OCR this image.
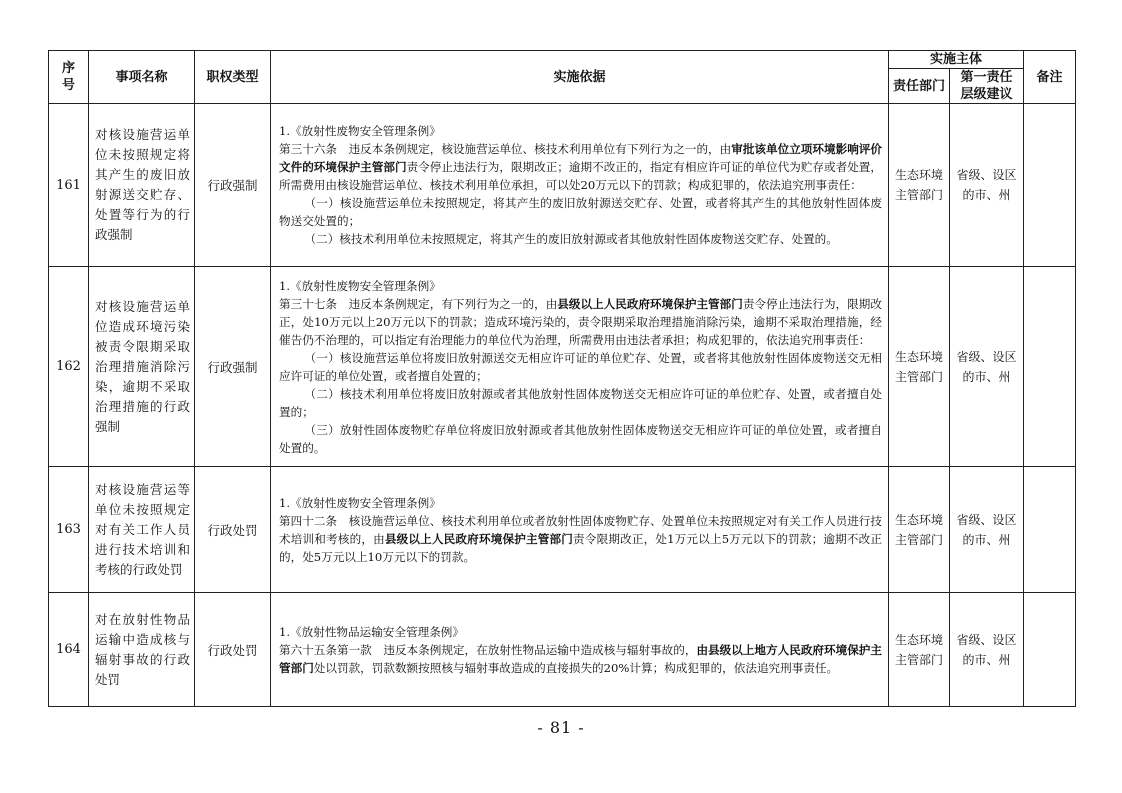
序号	事项名称	职权类型	实施依据	实施主体		备注
				责任部门	第一责任层级建议	
161	对核设施营运单位未按照规定将其产生的废旧放射源送交贮存、处置等行为的行政强制	行政强制	1.《放射性废物安全管理条例》

第三十六条　违反本条例规定，核设施营运单位、核技术利用单位有下列行为之一的，由审批该单位立项环境影响评价文件的环境保护主管部门责令停止违法行为，限期改正；逾期不改正的，指定有相应许可证的单位代为贮存或者处置，所需费用由核设施营运单位、核技术利用单位承担，可以处20万元以下的罚款；构成犯罪的，依法追究刑事责任：

（一）核设施营运单位未按照规定，将其产生的废旧放射源送交贮存、处置，或者将其产生的其他放射性固体废物送交处置的；

（二）核技术利用单位未按照规定，将其产生的废旧放射源或者其他放射性固体废物送交贮存、处置的。	生态环境主管部门	省级、设区的市、州	
162	对核设施营运单位造成环境污染被责令限期采取治理措施消除污染，逾期不采取治理措施的行政强制	行政强制	1.《放射性废物安全管理条例》

第三十七条　违反本条例规定，有下列行为之一的，由县级以上人民政府环境保护主管部门责令停止违法行为，限期改正，处10万元以上20万元以下的罚款；造成环境污染的，责令限期采取治理措施消除污染，逾期不采取治理措施，经催告仍不治理的，可以指定有治理能力的单位代为治理，所需费用由违法者承担；构成犯罪的，依法追究刑事责任：

（一）核设施营运单位将废旧放射源送交无相应许可证的单位贮存、处置，或者将其他放射性固体废物送交无相应许可证的单位处置，或者擅自处置的；

（二）核技术利用单位将废旧放射源或者其他放射性固体废物送交无相应许可证的单位贮存、处置，或者擅自处置的；

（三）放射性固体废物贮存单位将废旧放射源或者其他放射性固体废物送交无相应许可证的单位处置，或者擅自处置的。	生态环境主管部门	省级、设区的市、州	
163	对核设施营运等单位未按照规定对有关工作人员进行技术培训和考核的行政处罚	行政处罚	1.《放射性废物安全管理条例》

第四十二条　核设施营运单位、核技术利用单位或者放射性固体废物贮存、处置单位未按照规定对有关工作人员进行技术培训和考核的，由县级以上人民政府环境保护主管部门责令限期改正，处1万元以上5万元以下的罚款；逾期不改正的，处5万元以上10万元以下的罚款。	生态环境主管部门	省级、设区的市、州	
164	对在放射性物品运输中造成核与辐射事故的行政处罚	行政处罚	1.《放射性物品运输安全管理条例》

第六十五条第一款　违反本条例规定，在放射性物品运输中造成核与辐射事故的，由县级以上地方人民政府环境保护主管部门处以罚款，罚款数额按照核与辐射事故造成的直接损失的20%计算；构成犯罪的，依法追究刑事责任。	生态环境主管部门	省级、设区的市、州	
- 81 -
